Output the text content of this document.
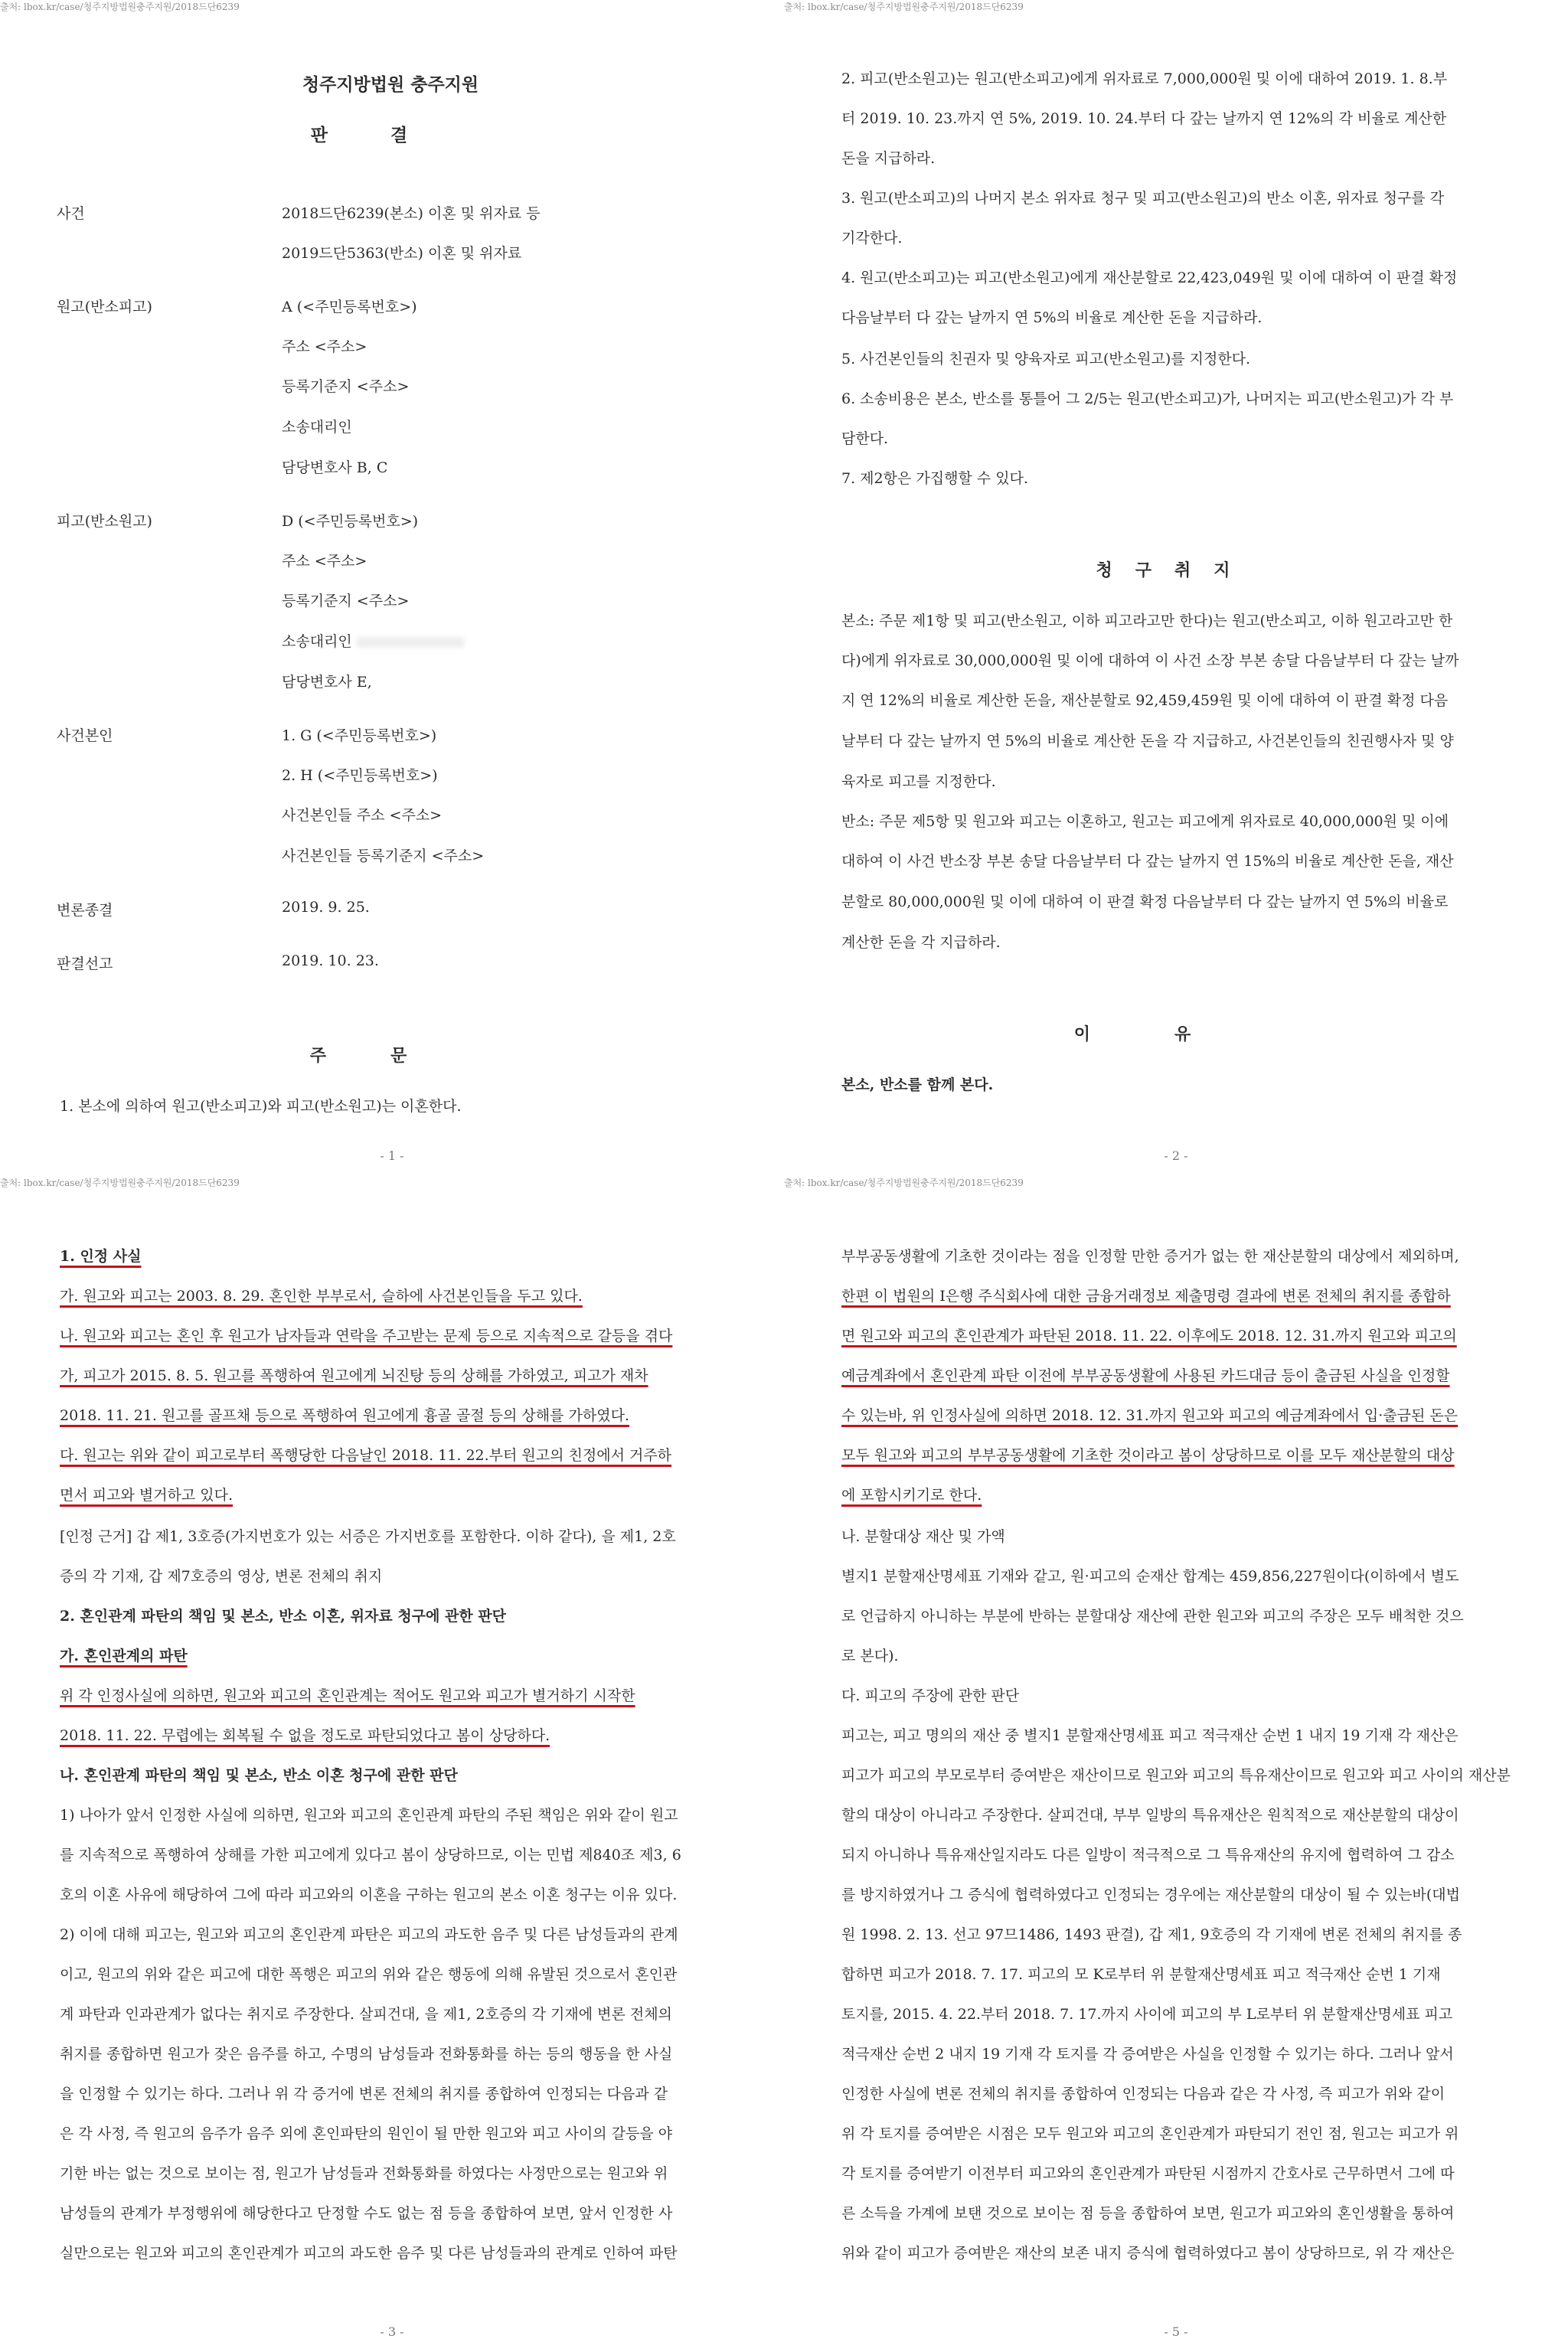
출처: lbox.kr/case/청주지방법원충주지원/2018드단6239
청주지방법원 충주지원
판결
사건	2018드단6239(본소) 이혼 및 위자료 등
2019드단5363(반소) 이혼 및 위자료
원고(반소피고)	A (<주민등록번호>)
주소 <주소>
등록기준지 <주소>
소송대리인
담당변호사 B, C
피고(반소원고)	D (<주민등록번호>)
주소 <주소>
등록기준지 <주소>
소송대리인
담당변호사 E,
사건본인	1. G (<주민등록번호>)
2. H (<주민등록번호>)
사건본인들 주소 <주소>
사건본인들 등록기준지 <주소>
변론종결	2019. 9. 25.
판결선고	2019. 10. 23.
주문
1. 본소에 의하여 원고(반소피고)와 피고(반소원고)는 이혼한다.
- 1 -
출처: lbox.kr/case/청주지방법원충주지원/2018드단6239
2. 피고(반소원고)는 원고(반소피고)에게 위자료로 7,000,000원 및 이에 대하여 2019. 1. 8.부
터 2019. 10. 23.까지 연 5%, 2019. 10. 24.부터 다 갚는 날까지 연 12%의 각 비율로 계산한
돈을 지급하라.
3. 원고(반소피고)의 나머지 본소 위자료 청구 및 피고(반소원고)의 반소 이혼, 위자료 청구를 각
기각한다.
4. 원고(반소피고)는 피고(반소원고)에게 재산분할로 22,423,049원 및 이에 대하여 이 판결 확정
다음날부터 다 갚는 날까지 연 5%의 비율로 계산한 돈을 지급하라.
5. 사건본인들의 친권자 및 양육자로 피고(반소원고)를 지정한다.
6. 소송비용은 본소, 반소를 통틀어 그 2/5는 원고(반소피고)가, 나머지는 피고(반소원고)가 각 부
담한다.
7. 제2항은 가집행할 수 있다.
청구취지
본소: 주문 제1항 및 피고(반소원고, 이하 피고라고만 한다)는 원고(반소피고, 이하 원고라고만 한
다)에게 위자료로 30,000,000원 및 이에 대하여 이 사건 소장 부본 송달 다음날부터 다 갚는 날까
지 연 12%의 비율로 계산한 돈을, 재산분할로 92,459,459원 및 이에 대하여 이 판결 확정 다음
날부터 다 갚는 날까지 연 5%의 비율로 계산한 돈을 각 지급하고, 사건본인들의 친권행사자 및 양
육자로 피고를 지정한다.
반소: 주문 제5항 및 원고와 피고는 이혼하고, 원고는 피고에게 위자료로 40,000,000원 및 이에
대하여 이 사건 반소장 부본 송달 다음날부터 다 갚는 날까지 연 15%의 비율로 계산한 돈을, 재산
분할로 80,000,000원 및 이에 대하여 이 판결 확정 다음날부터 다 갚는 날까지 연 5%의 비율로
계산한 돈을 각 지급하라.
이유
본소, 반소를 함께 본다.
- 2 -
출처: lbox.kr/case/청주지방법원충주지원/2018드단6239
1. 인정 사실
가. 원고와 피고는 2003. 8. 29. 혼인한 부부로서, 슬하에 사건본인들을 두고 있다.
나. 원고와 피고는 혼인 후 원고가 남자들과 연락을 주고받는 문제 등으로 지속적으로 갈등을 겪다
가, 피고가 2015. 8. 5. 원고를 폭행하여 원고에게 뇌진탕 등의 상해를 가하였고, 피고가 재차
2018. 11. 21. 원고를 골프채 등으로 폭행하여 원고에게 흉골 골절 등의 상해를 가하였다.
다. 원고는 위와 같이 피고로부터 폭행당한 다음날인 2018. 11. 22.부터 원고의 친정에서 거주하
면서 피고와 별거하고 있다.
[인정 근거] 갑 제1, 3호증(가지번호가 있는 서증은 가지번호를 포함한다. 이하 같다), 을 제1, 2호
증의 각 기재, 갑 제7호증의 영상, 변론 전체의 취지
2. 혼인관계 파탄의 책임 및 본소, 반소 이혼, 위자료 청구에 관한 판단
가. 혼인관계의 파탄
위 각 인정사실에 의하면, 원고와 피고의 혼인관계는 적어도 원고와 피고가 별거하기 시작한
2018. 11. 22. 무렵에는 회복될 수 없을 정도로 파탄되었다고 봄이 상당하다.
나. 혼인관계 파탄의 책임 및 본소, 반소 이혼 청구에 관한 판단
1) 나아가 앞서 인정한 사실에 의하면, 원고와 피고의 혼인관계 파탄의 주된 책임은 위와 같이 원고
를 지속적으로 폭행하여 상해를 가한 피고에게 있다고 봄이 상당하므로, 이는 민법 제840조 제3, 6
호의 이혼 사유에 해당하여 그에 따라 피고와의 이혼을 구하는 원고의 본소 이혼 청구는 이유 있다.
2) 이에 대해 피고는, 원고와 피고의 혼인관계 파탄은 피고의 과도한 음주 및 다른 남성들과의 관계
이고, 원고의 위와 같은 피고에 대한 폭행은 피고의 위와 같은 행동에 의해 유발된 것으로서 혼인관
계 파탄과 인과관계가 없다는 취지로 주장한다. 살피건대, 을 제1, 2호증의 각 기재에 변론 전체의
취지를 종합하면 원고가 잦은 음주를 하고, 수명의 남성들과 전화통화를 하는 등의 행동을 한 사실
을 인정할 수 있기는 하다. 그러나 위 각 증거에 변론 전체의 취지를 종합하여 인정되는 다음과 같
은 각 사정, 즉 원고의 음주가 음주 외에 혼인파탄의 원인이 될 만한 원고와 피고 사이의 갈등을 야
기한 바는 없는 것으로 보이는 점, 원고가 남성들과 전화통화를 하였다는 사정만으로는 원고와 위
남성들의 관계가 부정행위에 해당한다고 단정할 수도 없는 점 등을 종합하여 보면, 앞서 인정한 사
실만으로는 원고와 피고의 혼인관계가 피고의 과도한 음주 및 다른 남성들과의 관계로 인하여 파탄
- 3 -
출처: lbox.kr/case/청주지방법원충주지원/2018드단6239
부부공동생활에 기초한 것이라는 점을 인정할 만한 증거가 없는 한 재산분할의 대상에서 제외하며,
한편 이 법원의 I은행 주식회사에 대한 금융거래정보 제출명령 결과에 변론 전체의 취지를 종합하
면 원고와 피고의 혼인관계가 파탄된 2018. 11. 22. 이후에도 2018. 12. 31.까지 원고와 피고의
예금계좌에서 혼인관계 파탄 이전에 부부공동생활에 사용된 카드대금 등이 출금된 사실을 인정할
수 있는바, 위 인정사실에 의하면 2018. 12. 31.까지 원고와 피고의 예금계좌에서 입·출금된 돈은
모두 원고와 피고의 부부공동생활에 기초한 것이라고 봄이 상당하므로 이를 모두 재산분할의 대상
에 포함시키기로 한다.
나. 분할대상 재산 및 가액
별지1 분할재산명세표 기재와 같고, 원·피고의 순재산 합계는 459,856,227원이다(이하에서 별도
로 언급하지 아니하는 부분에 반하는 분할대상 재산에 관한 원고와 피고의 주장은 모두 배척한 것으
로 본다).
다. 피고의 주장에 관한 판단
피고는, 피고 명의의 재산 중 별지1 분할재산명세표 피고 적극재산 순번 1 내지 19 기재 각 재산은
피고가 피고의 부모로부터 증여받은 재산이므로 원고와 피고의 특유재산이므로 원고와 피고 사이의 재산분
할의 대상이 아니라고 주장한다. 살피건대, 부부 일방의 특유재산은 원칙적으로 재산분할의 대상이
되지 아니하나 특유재산일지라도 다른 일방이 적극적으로 그 특유재산의 유지에 협력하여 그 감소
를 방지하였거나 그 증식에 협력하였다고 인정되는 경우에는 재산분할의 대상이 될 수 있는바(대법
원 1998. 2. 13. 선고 97므1486, 1493 판결), 갑 제1, 9호증의 각 기재에 변론 전체의 취지를 종
합하면 피고가 2018. 7. 17. 피고의 모 K로부터 위 분할재산명세표 피고 적극재산 순번 1 기재
토지를, 2015. 4. 22.부터 2018. 7. 17.까지 사이에 피고의 부 L로부터 위 분할재산명세표 피고
적극재산 순번 2 내지 19 기재 각 토지를 각 증여받은 사실을 인정할 수 있기는 하다. 그러나 앞서
인정한 사실에 변론 전체의 취지를 종합하여 인정되는 다음과 같은 각 사정, 즉 피고가 위와 같이
위 각 토지를 증여받은 시점은 모두 원고와 피고의 혼인관계가 파탄되기 전인 점, 원고는 피고가 위
각 토지를 증여받기 이전부터 피고와의 혼인관계가 파탄된 시점까지 간호사로 근무하면서 그에 따
른 소득을 가계에 보탠 것으로 보이는 점 등을 종합하여 보면, 원고가 피고와의 혼인생활을 통하여
위와 같이 피고가 증여받은 재산의 보존 내지 증식에 협력하였다고 봄이 상당하므로, 위 각 재산은
- 5 -
